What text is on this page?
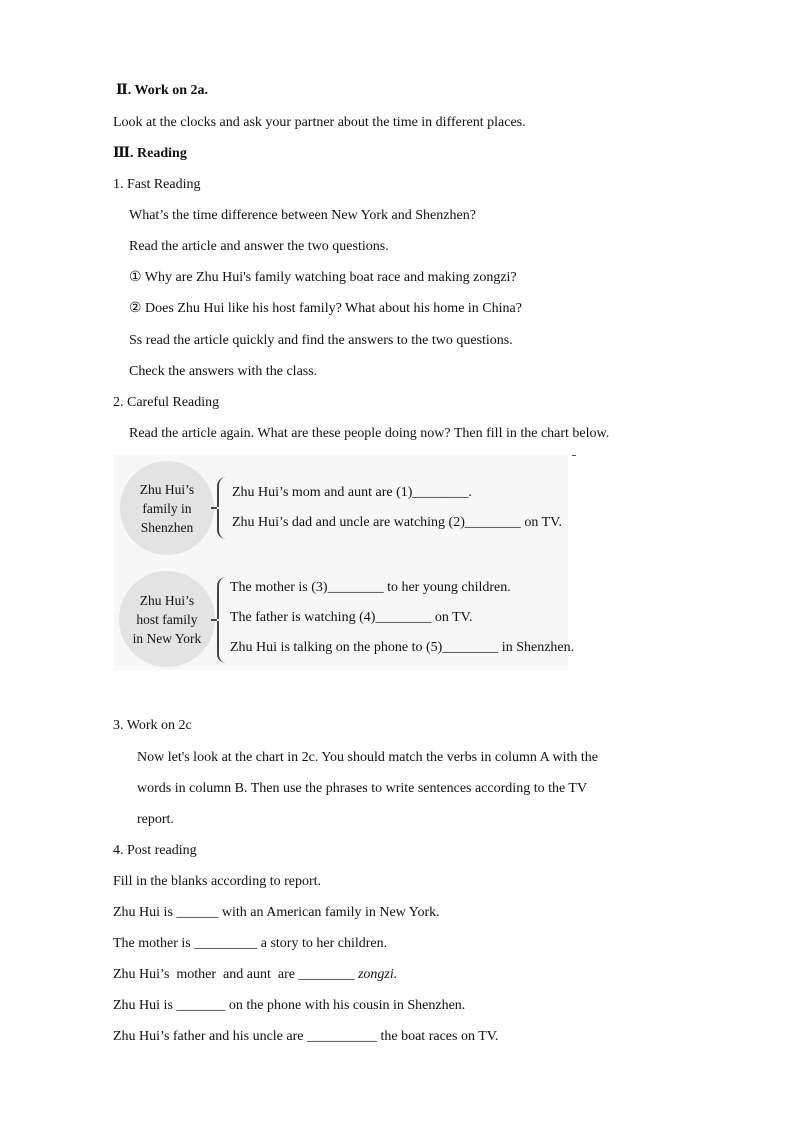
Ⅱ. Work on 2a.
Look at the clocks and ask your partner about the time in different places.
Ⅲ. Reading
1. Fast Reading
What’s the time difference between New York and Shenzhen?
Read the article and answer the two questions.
① Why are Zhu Hui's family watching boat race and making zongzi?
② Does Zhu Hui like his host family? What about his home in China?
Ss read the article quickly and find the answers to the two questions.
Check the answers with the class.
2. Careful Reading
Read the article again. What are these people doing now? Then fill in the chart below.
Zhu Hui’s
family in
Shenzhen
Zhu Hui’s mom and aunt are (1)________.
Zhu Hui’s dad and uncle are watching (2)________ on TV.
Zhu Hui’s
host family
in New York
The mother is (3)________ to her young children.
The father is watching (4)________ on TV.
Zhu Hui is talking on the phone to (5)________ in Shenzhen.
3. Work on 2c
Now let's look at the chart in 2c. You should match the verbs in column A with the
words in column B. Then use the phrases to write sentences according to the TV
report.
4. Post reading
Fill in the blanks according to report.
Zhu Hui is ______ with an American family in New York.
The mother is _________ a story to her children.
Zhu Hui’s  mother  and aunt  are ________ zongzi.
Zhu Hui is _______ on the phone with his cousin in Shenzhen.
Zhu Hui’s father and his uncle are __________ the boat races on TV.
